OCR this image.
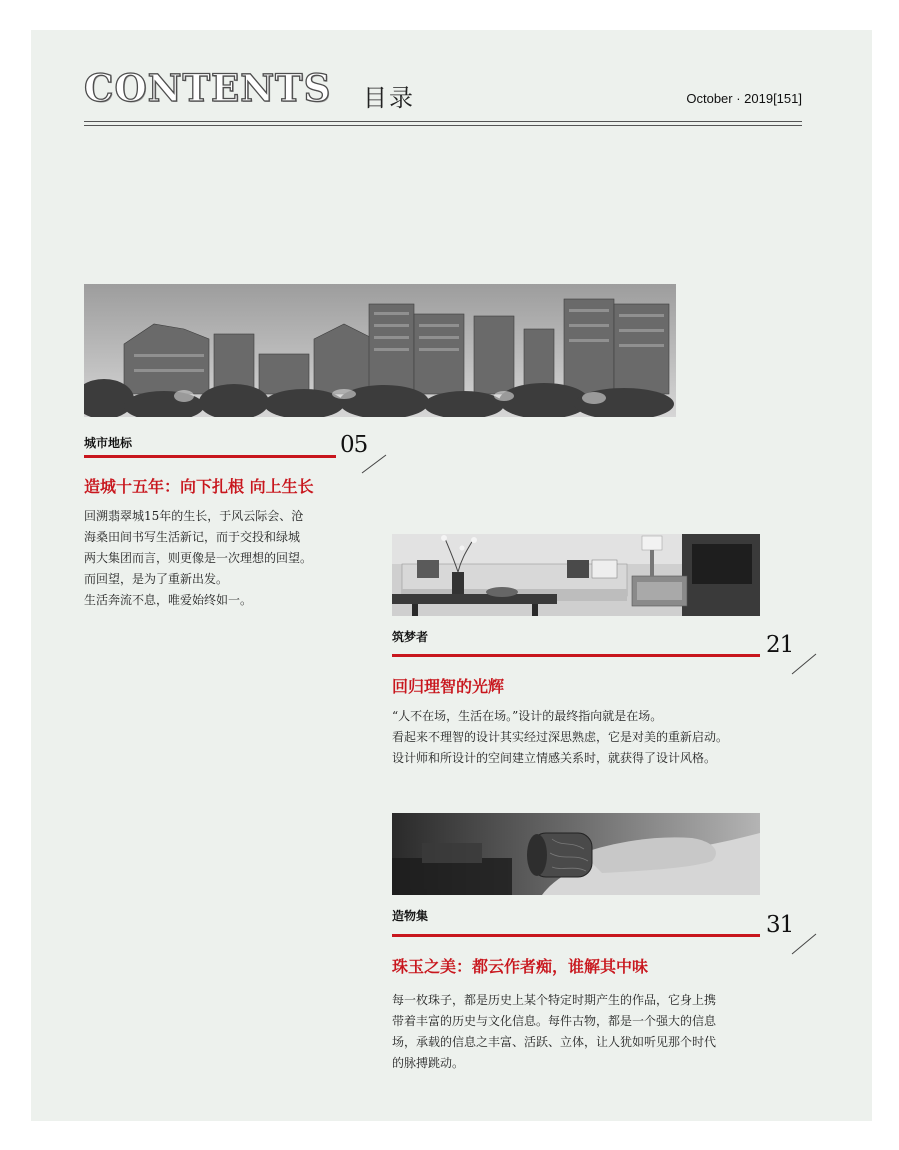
CONTENTS 目录	October · 2019[151]
城市地标	05
造城十五年：向下扎根 向上生长

回溯翡翠城15年的生长，于风云际会、沧

海桑田间书写生活新记，而于交投和绿城

两大集团而言，则更像是一次理想的回望。

而回望，是为了重新出发。

生活奔流不息，唯爱始终如一。

筑梦者	21
回归理智的光辉

“人不在场，生活在场。”设计的最终指向就是在场。

看起来不理智的设计其实经过深思熟虑，它是对美的重新启动。

设计师和所设计的空间建立情感关系时，就获得了设计风格。

造物集	31
珠玉之美：都云作者痴，谁解其中味

每一枚珠子，都是历史上某个特定时期产生的作品，它身上携

带着丰富的历史与文化信息。每件古物，都是一个强大的信息

场，承载的信息之丰富、活跃、立体，让人犹如听见那个时代

的脉搏跳动。
